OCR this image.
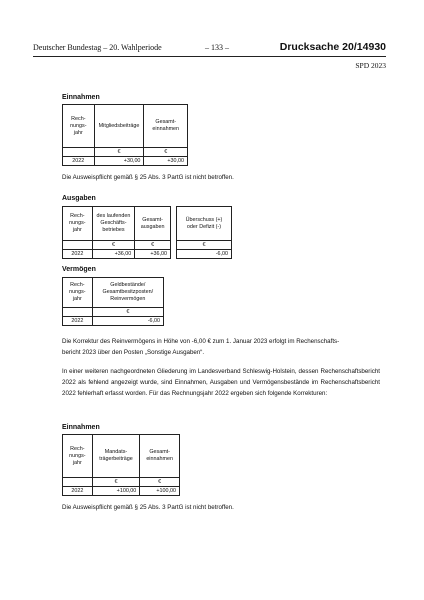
Deutscher Bundestag – 20. Wahlperiode	– 133 –	Drucksache 20/14930
SPD 2023
Einnahmen
Rech-
nungs-
jahr	Mitgliedsbeiträge	Gesamt-
einnahmen
	€	€
2022	+30,00	+30,00
Die Ausweispflicht gemäß § 25 Abs. 3 PartG ist nicht betroffen.
Ausgaben
Rech-
nungs-
jahr	des laufenden
Geschäfts-
betriebes	Gesamt-
ausgaben
	€	€
2022	+36,00	+36,00
Überschuss (+)
oder Defizit (-)
€
-6,00
Vermögen
Rech-
nungs-
jahr	Geldbestände/
Gesamtbesitzposten/
Reinvermögen
	€
2022	-6,00
Die Korrektur des Reinvermögens in Höhe von -6,00 € zum 1. Januar 2023 erfolgt im Rechenschafts-
bericht 2023 über den Posten „Sonstige Ausgaben“.
In einer weiteren nachgeordneten Gliederung im Landesverband Schleswig-Holstein, dessen Rechenschaftsbericht 2022 als fehlend angezeigt wurde, sind Einnahmen, Ausgaben und Vermögensbestände im Rechenschaftsbericht 2022 fehlerhaft erfasst worden. Für das Rechnungsjahr 2022 ergeben sich folgende Korrekturen:
Einnahmen
Rech-
nungs-
jahr	Mandats-
trägerbeiträge	Gesamt-
einnahmen
	€	€
2022	+100,00	+100,00
Die Ausweispflicht gemäß § 25 Abs. 3 PartG ist nicht betroffen.
